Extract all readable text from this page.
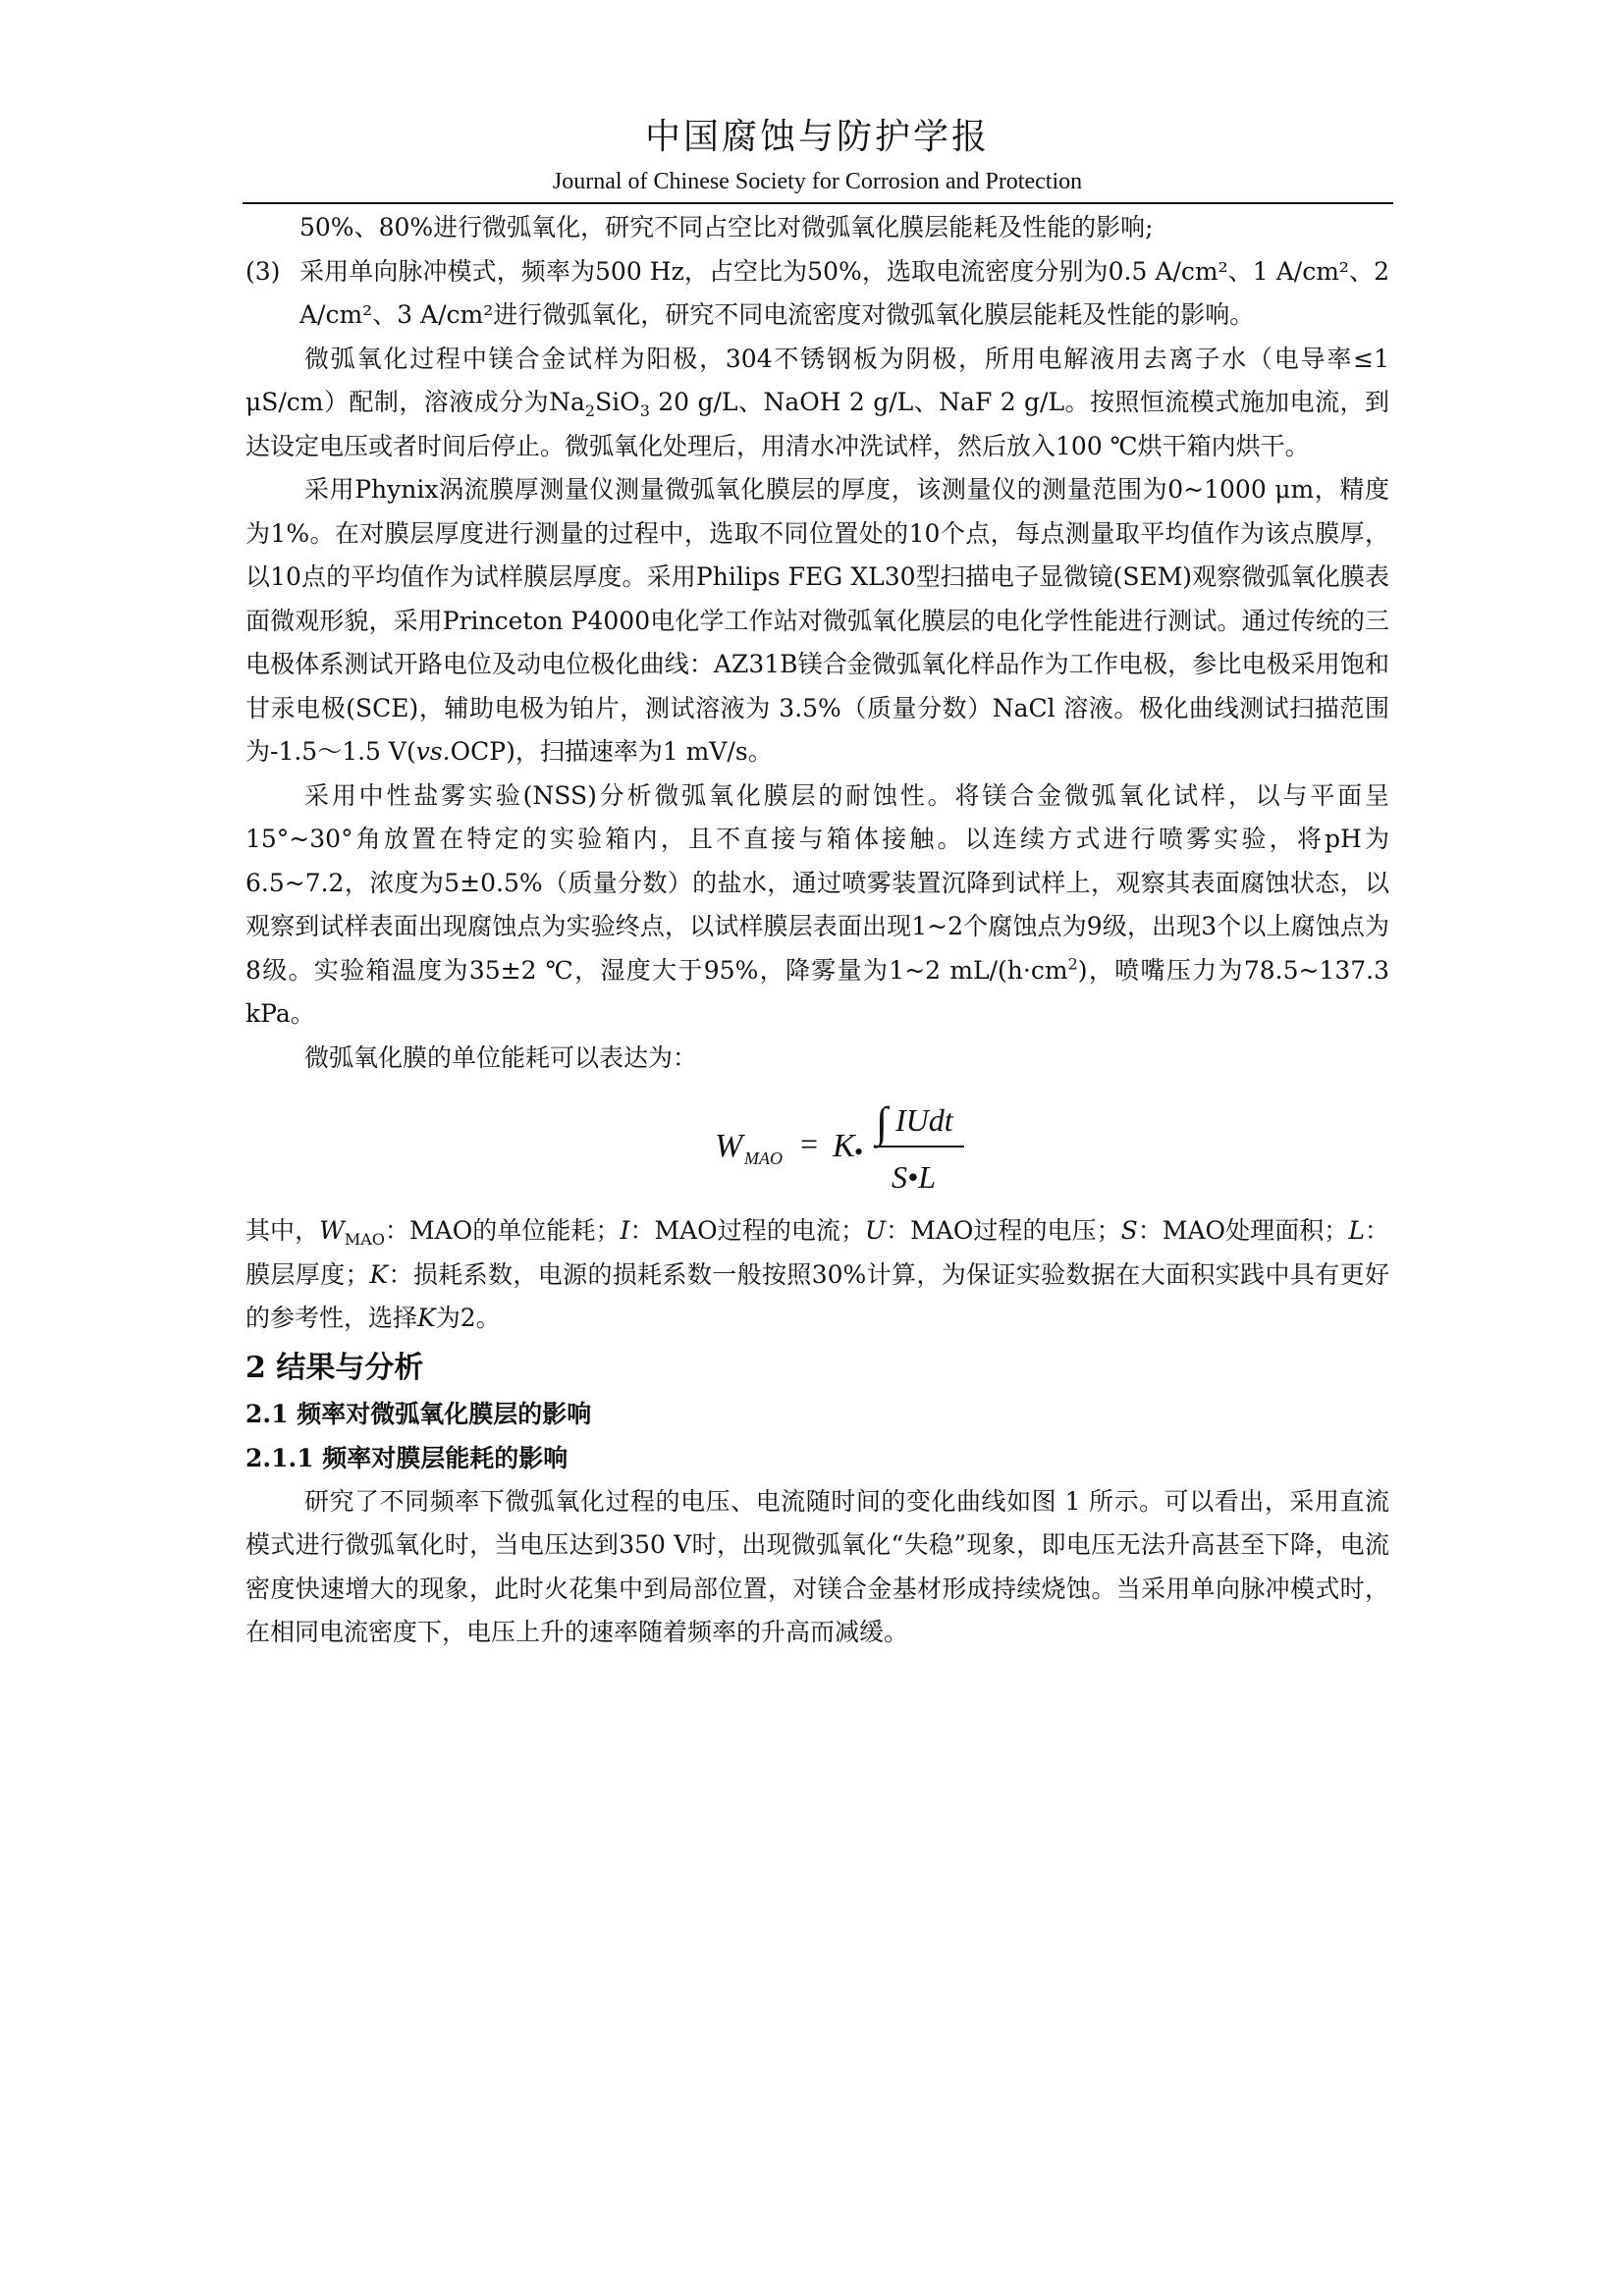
中国腐蚀与防护学报
Journal of Chinese Society for Corrosion and Protection

50%、80%进行微弧氧化，研究不同占空比对微弧氧化膜层能耗及性能的影响;

(3) 采用单向脉冲模式，频率为500 Hz，占空比为50%，选取电流密度分别为0.5 A/cm²、1 A/cm²、2 A/cm²、3 A/cm²进行微弧氧化，研究不同电流密度对微弧氧化膜层能耗及性能的影响。

微弧氧化过程中镁合金试样为阳极，304不锈钢板为阴极，所用电解液用去离子水（电导率≤1 μS/cm）配制，溶液成分为$Na_2SiO_3$ 20 g/L、NaOH 2 g/L、NaF 2 g/L。按照恒流模式施加电流，到达设定电压或者时间后停止。微弧氧化处理后，用清水冲洗试样，然后放入100 ℃烘干箱内烘干。

采用Phynix涡流膜厚测量仪测量微弧氧化膜层的厚度，该测量仪的测量范围为0~1000 μm，精度为1%。在对膜层厚度进行测量的过程中，选取不同位置处的10个点，每点测量取平均值作为该点膜厚，以10点的平均值作为试样膜层厚度。采用Philips FEG XL30型扫描电子显微镜(SEM)观察微弧氧化膜表面微观形貌，采用Princeton P4000电化学工作站对微弧氧化膜层的电化学性能进行测试。通过传统的三电极体系测试开路电位及动电位极化曲线：AZ31B镁合金微弧氧化样品作为工作电极，参比电极采用饱和甘汞电极(SCE)，辅助电极为铂片，测试溶液为 3.5%（质量分数）NaCl 溶液。极化曲线测试扫描范围为-1.5～1.5 V(vs.OCP)，扫描速率为1 mV/s。

采用中性盐雾实验(NSS)分析微弧氧化膜层的耐蚀性。将镁合金微弧氧化试样，以与平面呈 15°~30°角放置在特定的实验箱内，且不直接与箱体接触。以连续方式进行喷雾实验，将pH为6.5~7.2，浓度为5±0.5%（质量分数）的盐水，通过喷雾装置沉降到试样上，观察其表面腐蚀状态，以观察到试样表面出现腐蚀点为实验终点，以试样膜层表面出现1~2个腐蚀点为9级，出现3个以上腐蚀点为8级。实验箱温度为35±2 ℃，湿度大于95%，降雾量为1~2 $mL/(h\cdot cm^2)$，喷嘴压力为78.5~137.3 kPa。

微弧氧化膜的单位能耗可以表达为：

W MAO = K •
∫ IUdt
S•L

其中，$W_{MAO}$：MAO的单位能耗；I：MAO过程的电流；U：MAO过程的电压；S：MAO处理面积；L：膜层厚度；K：损耗系数，电源的损耗系数一般按照30%计算，为保证实验数据在大面积实践中具有更好的参考性，选择K为2。

2 结果与分析
2.1 频率对微弧氧化膜层的影响
2.1.1 频率对膜层能耗的影响

研究了不同频率下微弧氧化过程的电压、电流随时间的变化曲线如图 1 所示。可以看出，采用直流模式进行微弧氧化时，当电压达到350 V时，出现微弧氧化“失稳”现象，即电压无法升高甚至下降，电流密度快速增大的现象，此时火花集中到局部位置，对镁合金基材形成持续烧蚀。当采用单向脉冲模式时，在相同电流密度下，电压上升的速率随着频率的升高而减缓。
